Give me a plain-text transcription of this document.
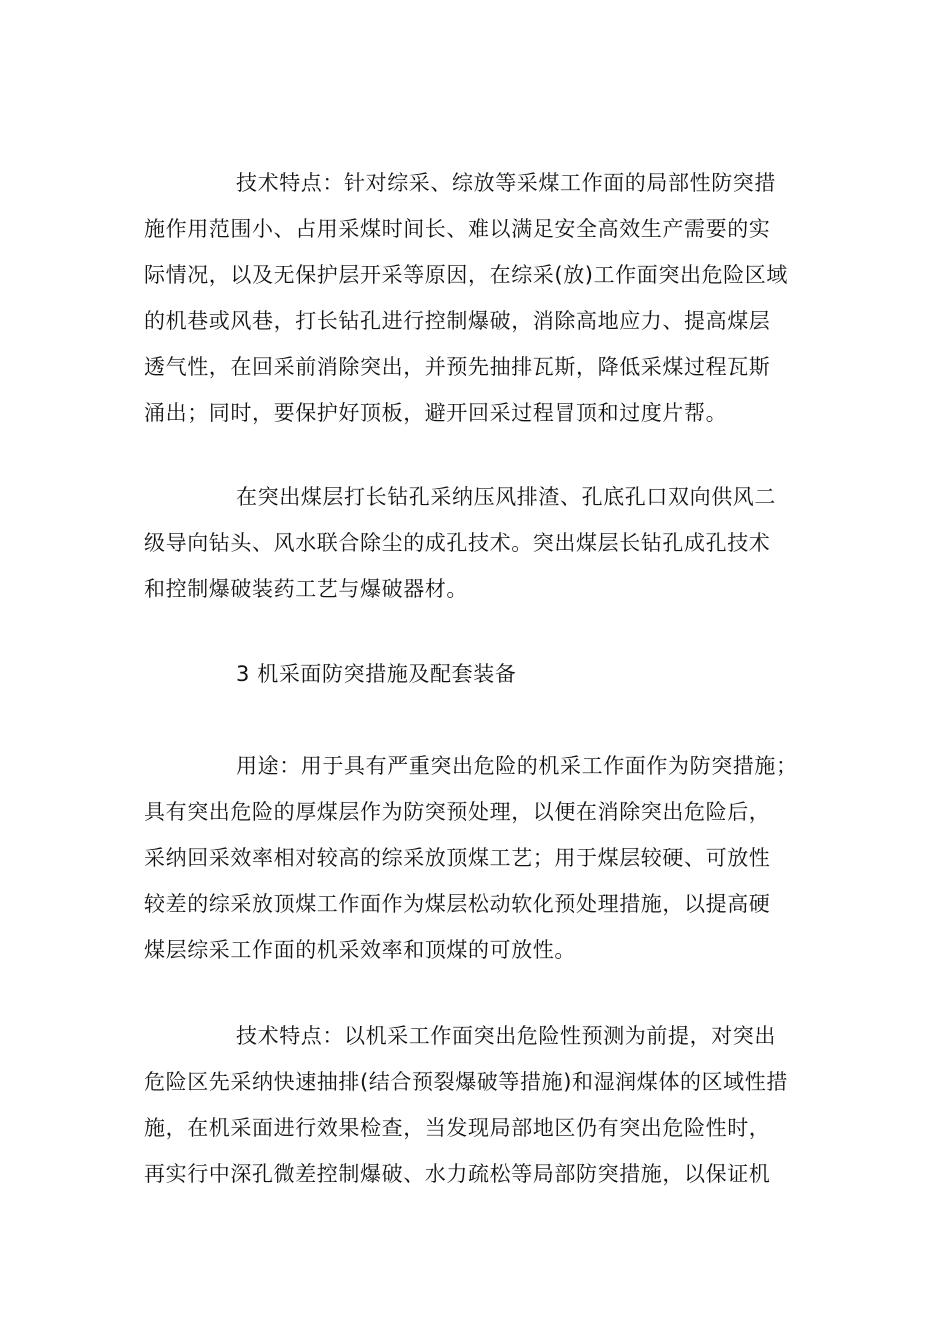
技术特点：针对综采、综放等采煤工作面的局部性防突措
施作用范围小、占用采煤时间长、难以满足安全高效生产需要的实
际情况，以及无保护层开采等原因，在综采(放)工作面突出危险区域
的机巷或风巷，打长钻孔进行控制爆破，消除高地应力、提高煤层
透气性，在回采前消除突出，并预先抽排瓦斯，降低采煤过程瓦斯
涌出；同时，要保护好顶板，避开回采过程冒顶和过度片帮。
在突出煤层打长钻孔采纳压风排渣、孔底孔口双向供风二
级导向钻头、风水联合除尘的成孔技术。突出煤层长钻孔成孔技术
和控制爆破装药工艺与爆破器材。

3 机采面防突措施及配套装备

用途：用于具有严重突出危险的机采工作面作为防突措施；
具有突出危险的厚煤层作为防突预处理，以便在消除突出危险后，
采纳回采效率相对较高的综采放顶煤工艺；用于煤层较硬、可放性
较差的综采放顶煤工作面作为煤层松动软化预处理措施，以提高硬
煤层综采工作面的机采效率和顶煤的可放性。
技术特点：以机采工作面突出危险性预测为前提，对突出
危险区先采纳快速抽排(结合预裂爆破等措施)和湿润煤体的区域性措
施，在机采面进行效果检查，当发现局部地区仍有突出危险性时，
再实行中深孔微差控制爆破、水力疏松等局部防突措施，以保证机
